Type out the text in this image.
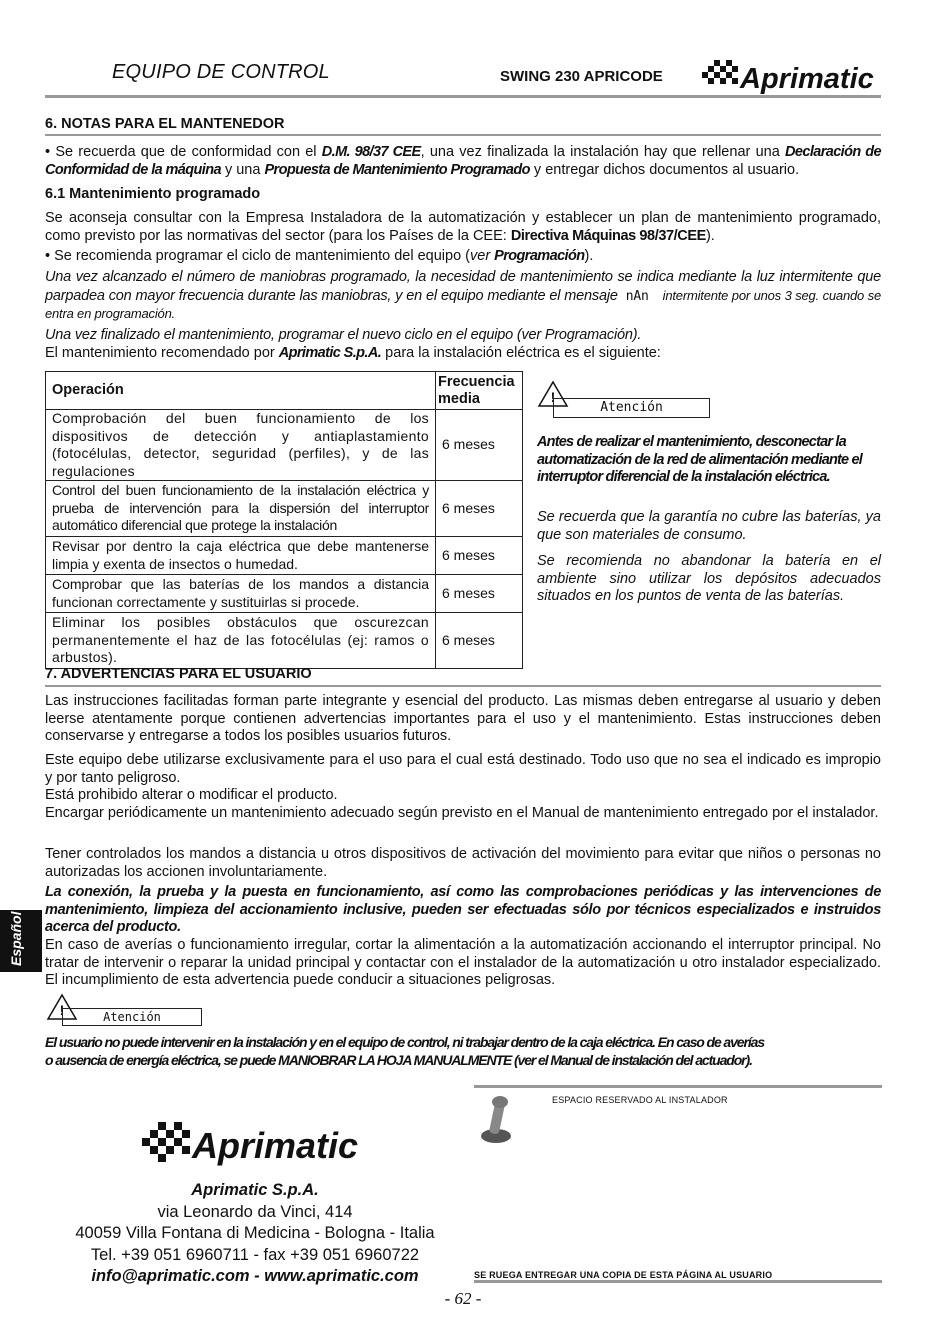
EQUIPO DE CONTROL	SWING 230 APRICODE	Aprimatic
6. NOTAS PARA EL MANTENEDOR
• Se recuerda que de conformidad con el D.M. 98/37 CEE, una vez finalizada la instalación hay que rellenar una Declaración de Conformidad de la máquina y una Propuesta de Mantenimiento Programado y entregar dichos documentos al usuario.
6.1 Mantenimiento programado
Se aconseja consultar con la Empresa Instaladora de la automatización y establecer un plan de mantenimiento programado, como previsto por las normativas del sector (para los Países de la CEE: Directiva Máquinas 98/37/CEE).
• Se recomienda programar el ciclo de mantenimiento del equipo (ver Programación).
Una vez alcanzado el número de maniobras programado, la necesidad de mantenimiento se indica mediante la luz intermitente que parpadea con mayor frecuencia durante las maniobras, y en el equipo mediante el mensaje nAn intermitente por unos 3 seg. cuando se entra en programación.
Una vez finalizado el mantenimiento, programar el nuevo ciclo en el equipo (ver Programación).
El mantenimiento recomendado por Aprimatic S.p.A. para la instalación eléctrica es el siguiente:
Operación	Frecuencia media
Comprobación del buen funcionamiento de los dispositivos de detección y antiaplastamiento (fotocélulas, detector, seguridad (perfiles), y de las regulaciones	6 meses
Control del buen funcionamiento de la instalación eléctrica y prueba de intervención para la dispersión del interruptor automático diferencial que protege la instalación	6 meses
Revisar por dentro la caja eléctrica que debe mantenerse limpia y exenta de insectos o humedad.	6 meses
Comprobar que las baterías de los mandos a distancia funcionan correctamente y sustituirlas si procede.	6 meses
Eliminar los posibles obstáculos que oscurezcan permanentemente el haz de las fotocélulas (ej: ramos o arbustos).	6 meses
!
Atención
Antes de realizar el mantenimiento, desconectar la automatización de la red de alimentación mediante el interruptor diferencial de la instalación eléctrica.
Se recuerda que la garantía no cubre las baterías, ya que son materiales de consumo.
Se recomienda no abandonar la batería en el ambiente sino utilizar los depósitos adecuados situados en los puntos de venta de las baterías.
7. ADVERTENCIAS PARA EL USUARIO
Las instrucciones facilitadas forman parte integrante y esencial del producto. Las mismas deben entregarse al usuario y deben leerse atentamente porque contienen advertencias importantes para el uso y el mantenimiento. Estas instrucciones deben conservarse y entregarse a todos los posibles usuarios futuros.
Este equipo debe utilizarse exclusivamente para el uso para el cual está destinado. Todo uso que no sea el indicado es impropio y por tanto peligroso.
Está prohibido alterar o modificar el producto.
Encargar periódicamente un mantenimiento adecuado según previsto en el Manual de mantenimiento entregado por el instalador.
Tener controlados los mandos a distancia u otros dispositivos de activación del movimiento para evitar que niños o personas no autorizadas los accionen involuntariamente.
La conexión, la prueba y la puesta en funcionamiento, así como las comprobaciones periódicas y las intervenciones de mantenimiento, limpieza del accionamiento inclusive, pueden ser efectuadas sólo por técnicos especializados e instruidos acerca del producto.
En caso de averías o funcionamiento irregular, cortar la alimentación a la automatización accionando el interruptor principal. No tratar de intervenir o reparar la unidad principal y contactar con el instalador de la automatización u otro instalador especializado. El incumplimiento de esta advertencia puede conducir a situaciones peligrosas.
Español
!	Atención
El usuario no puede intervenir en la instalación y en el equipo de control, ni trabajar dentro de la caja eléctrica. En caso de averías
o ausencia de energía eléctrica, se puede MANIOBRAR LA HOJA MANUALMENTE (ver el Manual de instalación del actuador).
ESPACIO RESERVADO AL INSTALADOR
SE RUEGA ENTREGAR UNA COPIA DE ESTA PÁGINA AL USUARIO
Aprimatic
Aprimatic S.p.A.
via Leonardo da Vinci, 414
40059 Villa Fontana di Medicina - Bologna - Italia
Tel. +39 051 6960711 - fax +39 051 6960722
info@aprimatic.com - www.aprimatic.com
- 62 -
